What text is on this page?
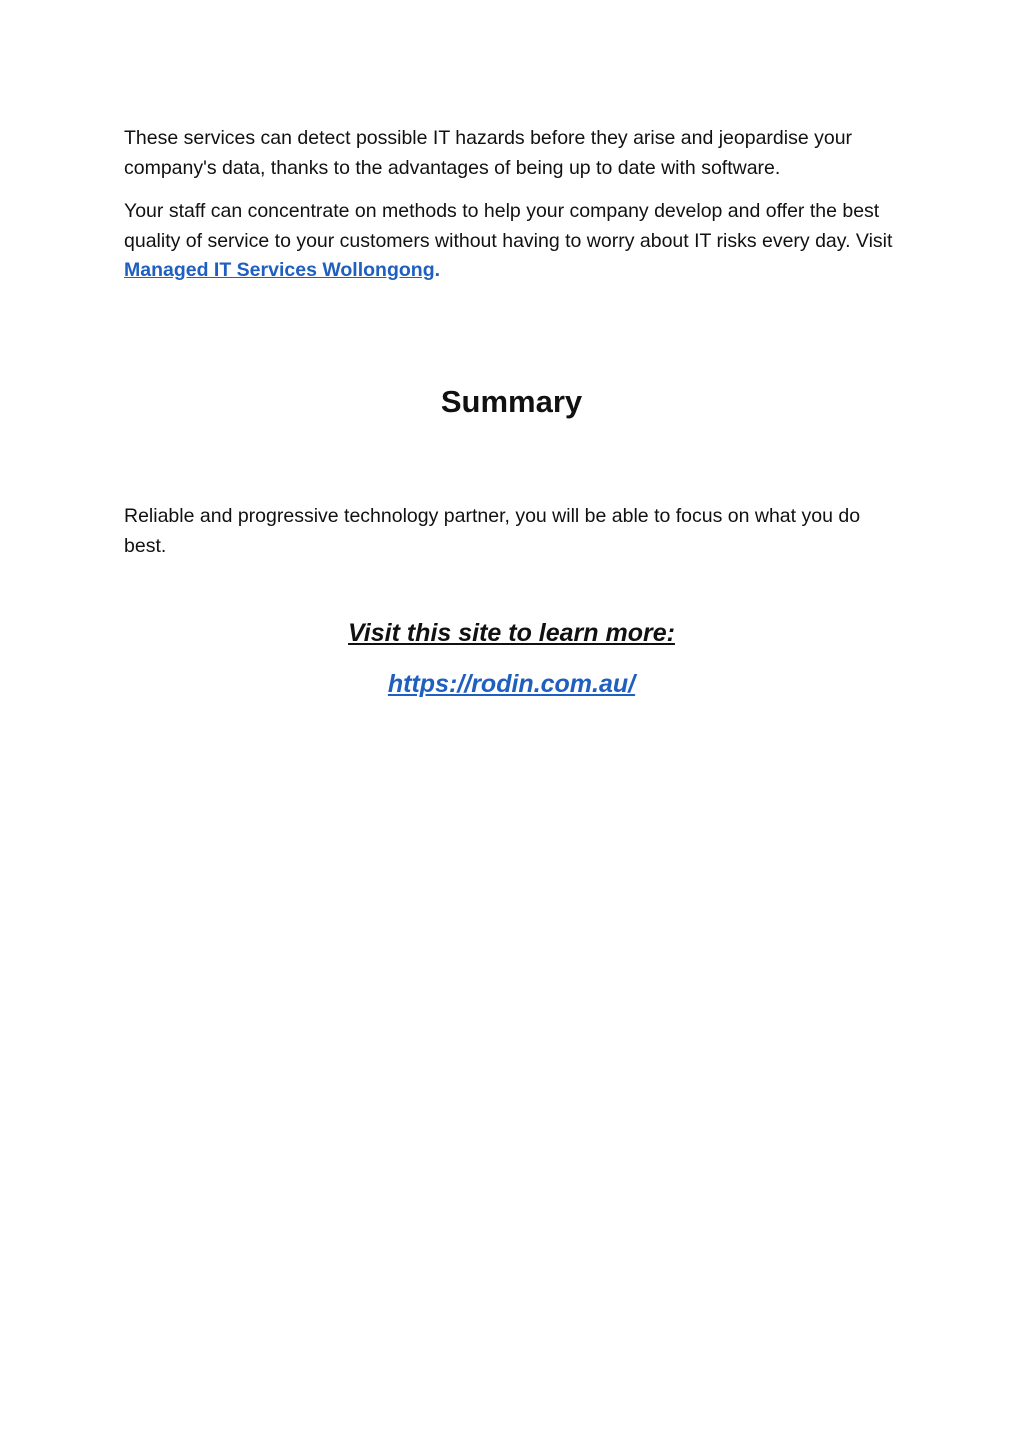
These services can detect possible IT hazards before they arise and jeopardise your company's data, thanks to the advantages of being up to date with software.

Your staff can concentrate on methods to help your company develop and offer the best quality of service to your customers without having to worry about IT risks every day. Visit Managed IT Services Wollongong.

Summary

Reliable and progressive technology partner, you will be able to focus on what you do best.

Visit this site to learn more:

https://rodin.com.au/
